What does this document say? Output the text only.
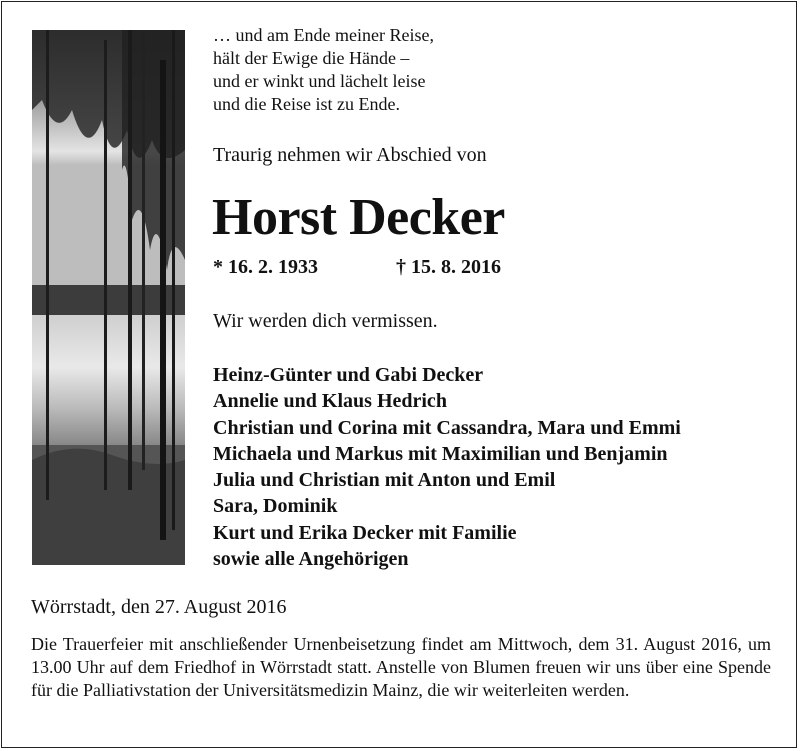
… und am Ende meiner Reise,
hält der Ewige die Hände –
und er winkt und lächelt leise
und die Reise ist zu Ende.
Traurig nehmen wir Abschied von
Horst Decker
* 16. 2. 1933	† 15. 8. 2016
Wir werden dich vermissen.
Heinz-Günter und Gabi Decker
Annelie und Klaus Hedrich
Christian und Corina mit Cassandra, Mara und Emmi
Michaela und Markus mit Maximilian und Benjamin
Julia und Christian mit Anton und Emil
Sara, Dominik
Kurt und Erika Decker mit Familie
sowie alle Angehörigen
Wörrstadt, den 27. August 2016
Die Trauerfeier mit anschließender Urnenbeisetzung findet am Mittwoch, dem 31. August 2016, um 13.00 Uhr auf dem Friedhof in Wörrstadt statt. Anstelle von Blumen freuen wir uns über eine Spende für die Palliativstation der Universitätsmedizin Mainz, die wir weiterleiten werden.
